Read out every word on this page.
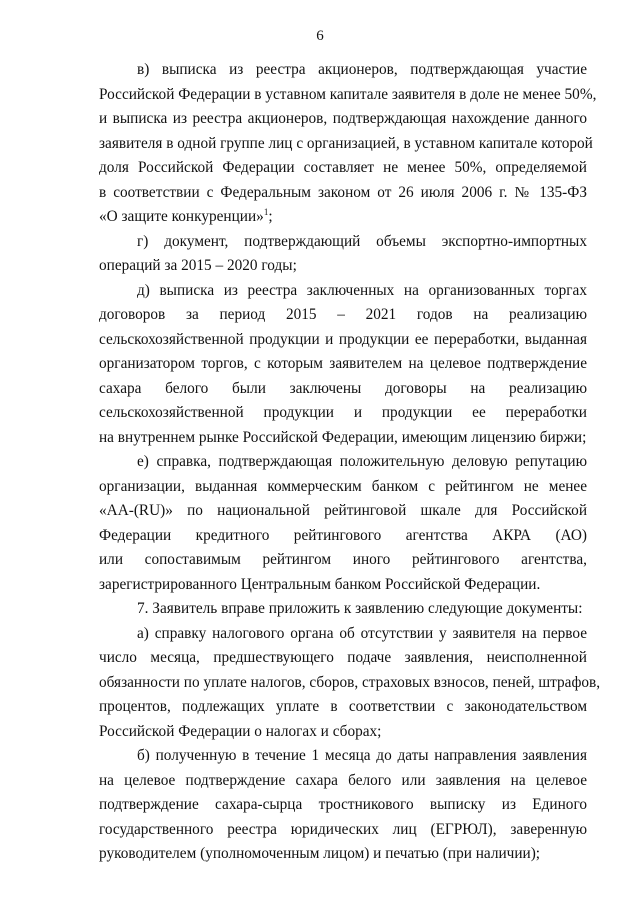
6
в) выписка из реестра акционеров, подтверждающая участие
Российской Федерации в уставном капитале заявителя в доле не менее 50%,
и выписка из реестра акционеров, подтверждающая нахождение данного
заявителя в одной группе лиц с организацией, в уставном капитале которой
доля Российской Федерации составляет не менее 50%, определяемой
в соответствии с Федеральным законом от 26 июля 2006 г. № 135-ФЗ
«О защите конкуренции»$^1$;
г) документ, подтверждающий объемы экспортно-импортных
операций за 2015 – 2020 годы;
д) выписка из реестра заключенных на организованных торгах
договоров за период 2015 – 2021 годов на реализацию
сельскохозяйственной продукции и продукции ее переработки, выданная
организатором торгов, с которым заявителем на целевое подтверждение
сахара белого были заключены договоры на реализацию
сельскохозяйственной продукции и продукции ее переработки
на внутреннем рынке Российской Федерации, имеющим лицензию биржи;
е) справка, подтверждающая положительную деловую репутацию
организации, выданная коммерческим банком с рейтингом не менее
«AA-(RU)» по национальной рейтинговой шкале для Российской
Федерации кредитного рейтингового агентства АКРА (АО)
или сопоставимым рейтингом иного рейтингового агентства,
зарегистрированного Центральным банком Российской Федерации.
7. Заявитель вправе приложить к заявлению следующие документы:
а) справку налогового органа об отсутствии у заявителя на первое
число месяца, предшествующего подаче заявления, неисполненной
обязанности по уплате налогов, сборов, страховых взносов, пеней, штрафов,
процентов, подлежащих уплате в соответствии с законодательством
Российской Федерации о налогах и сборах;
б) полученную в течение 1 месяца до даты направления заявления
на целевое подтверждение сахара белого или заявления на целевое
подтверждение сахара-сырца тростникового выписку из Единого
государственного реестра юридических лиц (ЕГРЮЛ), заверенную
руководителем (уполномоченным лицом) и печатью (при наличии);
